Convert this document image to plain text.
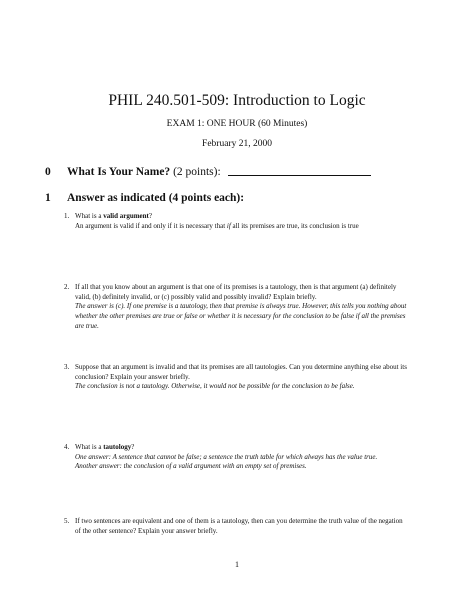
PHIL 240.501-509: Introduction to Logic
EXAM 1: ONE HOUR (60 Minutes)
February 21, 2000
0 What Is Your Name? (2 points):
1 Answer as indicated (4 points each):
1. What is a valid argument?
An argument is valid if and only if it is necessary that if all its premises are true, its conclusion is true
2. If all that you know about an argument is that one of its premises is a tautology, then is that argument (a) definitely valid, (b) definitely invalid, or (c) possibly valid and possibly invalid? Explain briefly.
The answer is (c). If one premise is a tautology, then that premise is always true. However, this tells you nothing about whether the other premises are true or false or whether it is necessary for the conclusion to be false if all the premises are true.
3. Suppose that an argument is invalid and that its premises are all tautologies. Can you determine anything else about its conclusion? Explain your answer briefly.
The conclusion is not a tautology. Otherwise, it would not be possible for the conclusion to be false.
4. What is a tautology?
One answer: A sentence that cannot be false; a sentence the truth table for which always has the value true.
Another answer: the conclusion of a valid argument with an empty set of premises.
5. If two sentences are equivalent and one of them is a tautology, then can you determine the truth value of the negation of the other sentence? Explain your answer briefly.
1
